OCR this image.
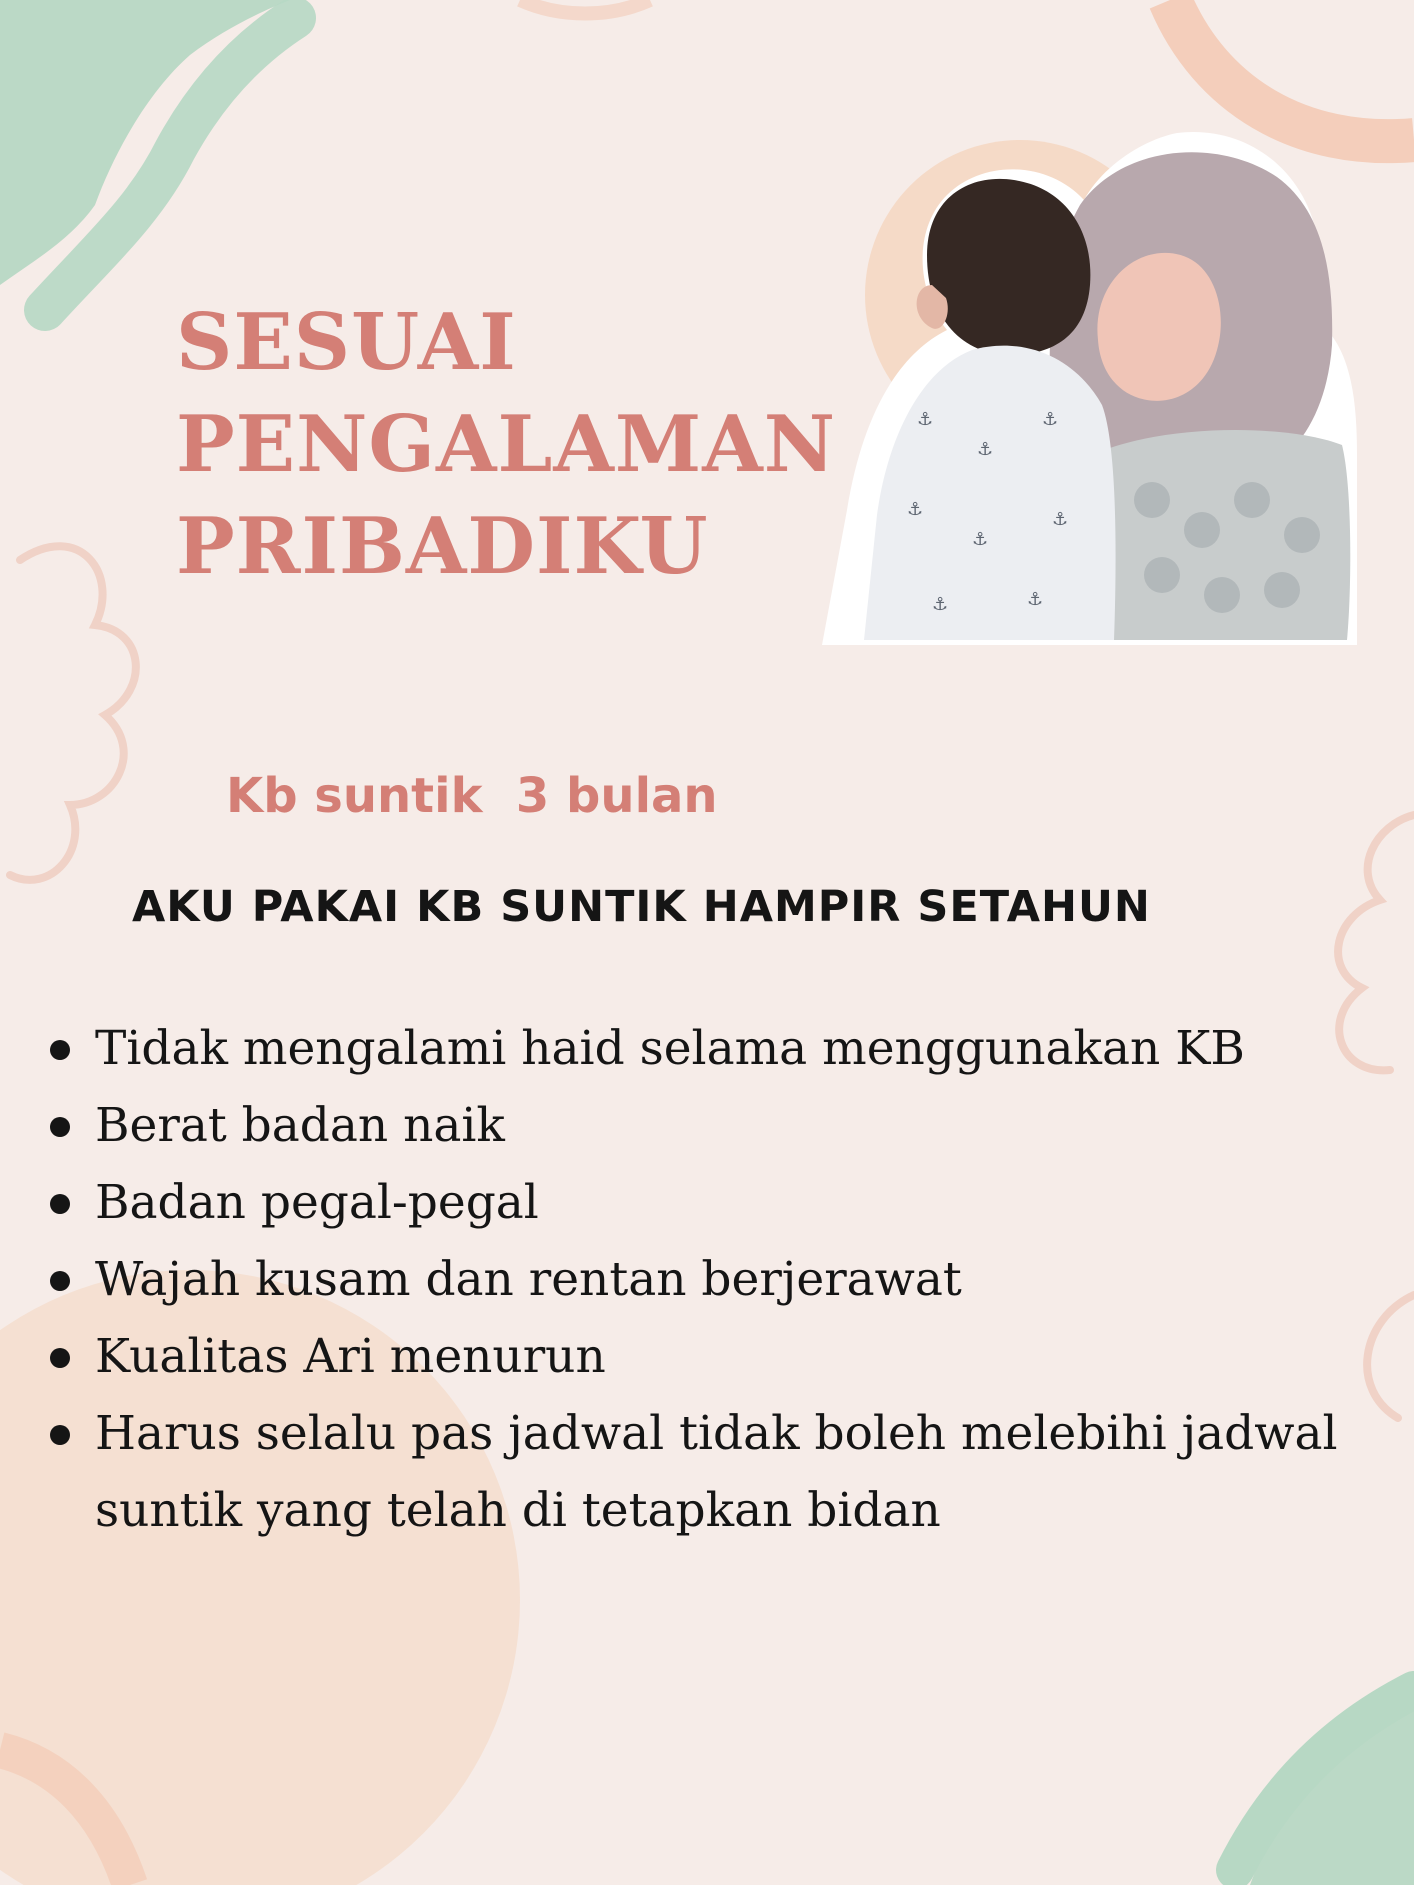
SESUAI
PENGALAMAN
PRIBADIKU
⚓
⚓
⚓
⚓
⚓
⚓
⚓	⚓

Kb suntik  3 bulan

AKU PAKAI KB SUNTIK HAMPIR SETAHUN
Tidak mengalami haid selama menggunakan KB
Berat badan naik
Badan pegal-pegal
Wajah kusam dan rentan berjerawat
Kualitas Ari menurun
Harus selalu pas jadwal tidak boleh melebihi jadwal suntik yang telah di tetapkan bidan
